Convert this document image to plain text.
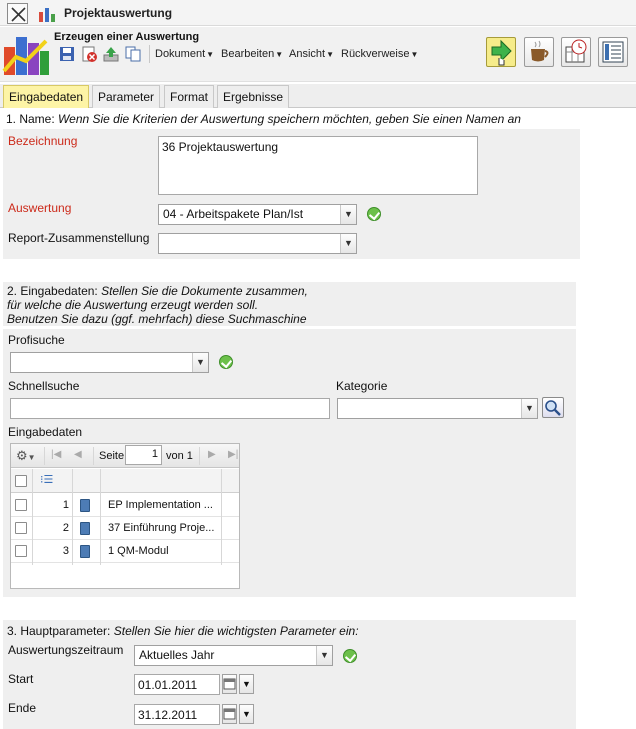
Projektauswertung
Erzeugen einer Auswertung
Dokument▼ Bearbeiten▼ Ansicht▼ Rückverweise▼
Eingabedaten	Parameter	Format	Ergebnisse
1. Name: Wenn Sie die Kriterien der Auswertung speichern möchten, geben Sie einen Namen an
Bezeichnung	36 Projektauswertung
Auswertung	04 - Arbeitspakete Plan/Ist	▼
Report-Zusammenstellung	▼
2. Eingabedaten: Stellen Sie die Dokumente zusammen,
für welche die Auswertung erzeugt werden soll.
Benutzen Sie dazu (ggf. mehrfach) diese Suchmaschine
Profisuche
▼
Schnellsuche	Kategorie
▼
Eingabedaten
⚙▼ |◀ ◀ Seite	1 von 1 ▶ ▶|
⁝☰
1	EP Implementation ...
2	37 Einführung Proje...
3	1 QM-Modul
3. Hauptparameter: Stellen Sie hier die wichtigsten Parameter ein:
Auswertungszeitraum	Aktuelles Jahr	▼
Start	01.01.2011	▼
Ende	31.12.2011	▼
